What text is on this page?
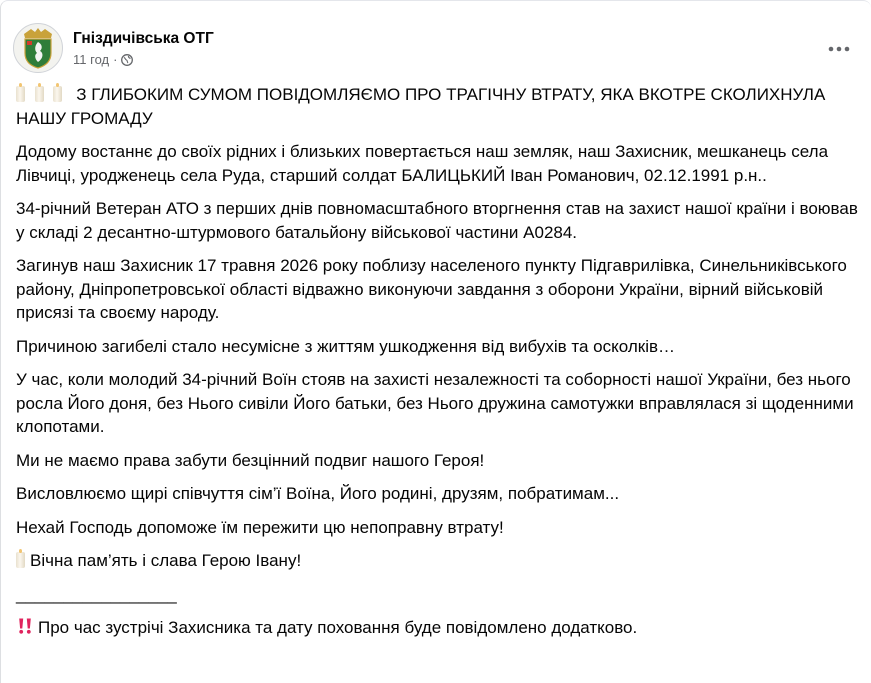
Гніздичівська ОТГ
11 год ·

З ГЛИБОКИМ СУМОМ ПОВІДОМЛЯЄМО ПРО ТРАГІЧНУ ВТРАТУ, ЯКА ВКОТРЕ СКОЛИХНУЛА НАШУ ГРОМАДУ

Додому востаннє до своїх рідних і близьких повертається наш земляк, наш Захисник, мешканець села Лівчиці, уродженець села Руда, старший солдат БАЛИЦЬКИЙ Іван Романович, 02.12.1991 р.н..

34-річний Ветеран АТО з перших днів повномасштабного вторгнення став на захист нашої країни і воював у складі 2 десантно-штурмового батальйону військової частини А0284.

Загинув наш Захисник 17 травня 2026 року поблизу населеного пункту Підгаврилівка, Синельниківського району, Дніпропетровської області відважно виконуючи завдання з оборони України, вірний військовій присязі та своєму народу.

Причиною загибелі стало несумісне з життям ушкодження від вибухів та осколків…

У час, коли молодий 34-річний Воїн стояв на захисті незалежності та соборності нашої України, без нього росла Його доня, без Нього сивіли Його батьки, без Нього дружина самотужки вправлялася зі щоденними клопотами.

Ми не маємо права забути безцінний подвиг нашого Героя!

Висловлюємо щирі співчуття сім’ї Воїна, Його родині, друзям, побратимам...

Нехай Господь допоможе їм пережити цю непоправну втрату!

Вічна пам’ять і слава Герою Івану!

_________________

Про час зустрічі Захисника та дату поховання буде повідомлено додатково.
